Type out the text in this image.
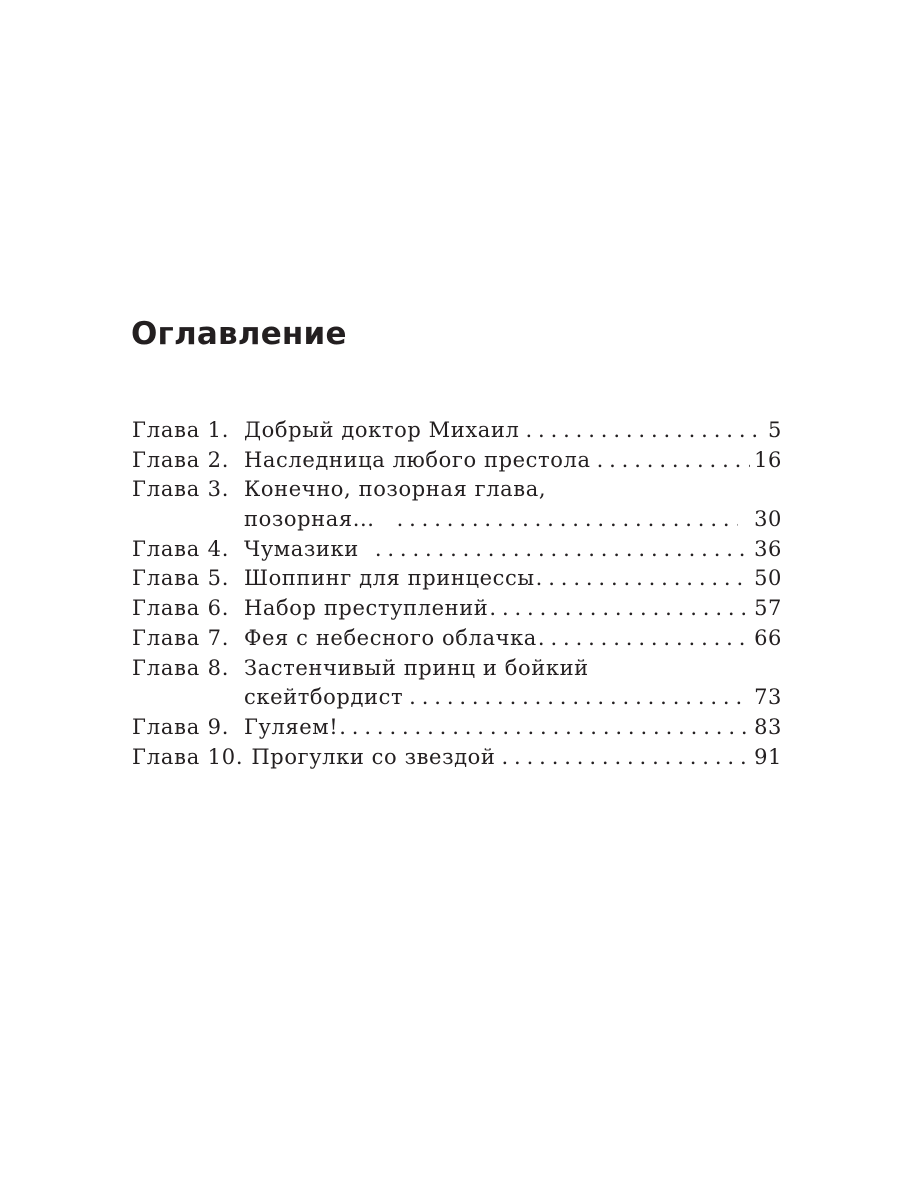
Оглавление
Глава 1. Добрый доктор Михаил . . .	5
Глава 2. Наследница любого престола . . .	16
Глава 3. Конечно, позорная глава,
позорная... . . .	30
Глава 4. Чумазики . . .	36
Глава 5. Шоппинг для принцессы . . .	50
Глава 6. Набор преступлений . . .	57
Глава 7. Фея с небесного облачка . . .	66
Глава 8. Застенчивый принц и бойкий
скейтбордист . . .	73
Глава 9. Гуляем! . . .	83
Глава 10. Прогулки со звездой . . .	91
